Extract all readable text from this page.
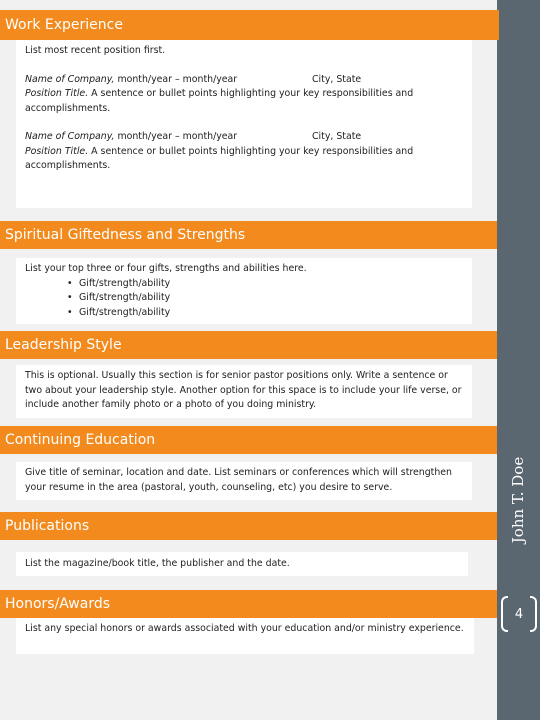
John T. Doe
4
Work Experience
List most recent position first.
Name of Company, month/year – month/year	City, State
Position Title. A sentence or bullet points highlighting your key responsibilities and accomplishments.
Name of Company, month/year – month/year	City, State
Position Title. A sentence or bullet points highlighting your key responsibilities and accomplishments.
Spiritual Giftedness and Strengths
List your top three or four gifts, strengths and abilities here.
• Gift/strength/ability
• Gift/strength/ability
• Gift/strength/ability
Leadership Style
This is optional. Usually this section is for senior pastor positions only. Write a sentence or two about your leadership style. Another option for this space is to include your life verse, or include another family photo or a photo of you doing ministry.
Continuing Education
Give title of seminar, location and date. List seminars or conferences which will strengthen your resume in the area (pastoral, youth, counseling, etc) you desire to serve.
Publications
List the magazine/book title, the publisher and the date.
Honors/Awards
List any special honors or awards associated with your education and/or ministry experience.
